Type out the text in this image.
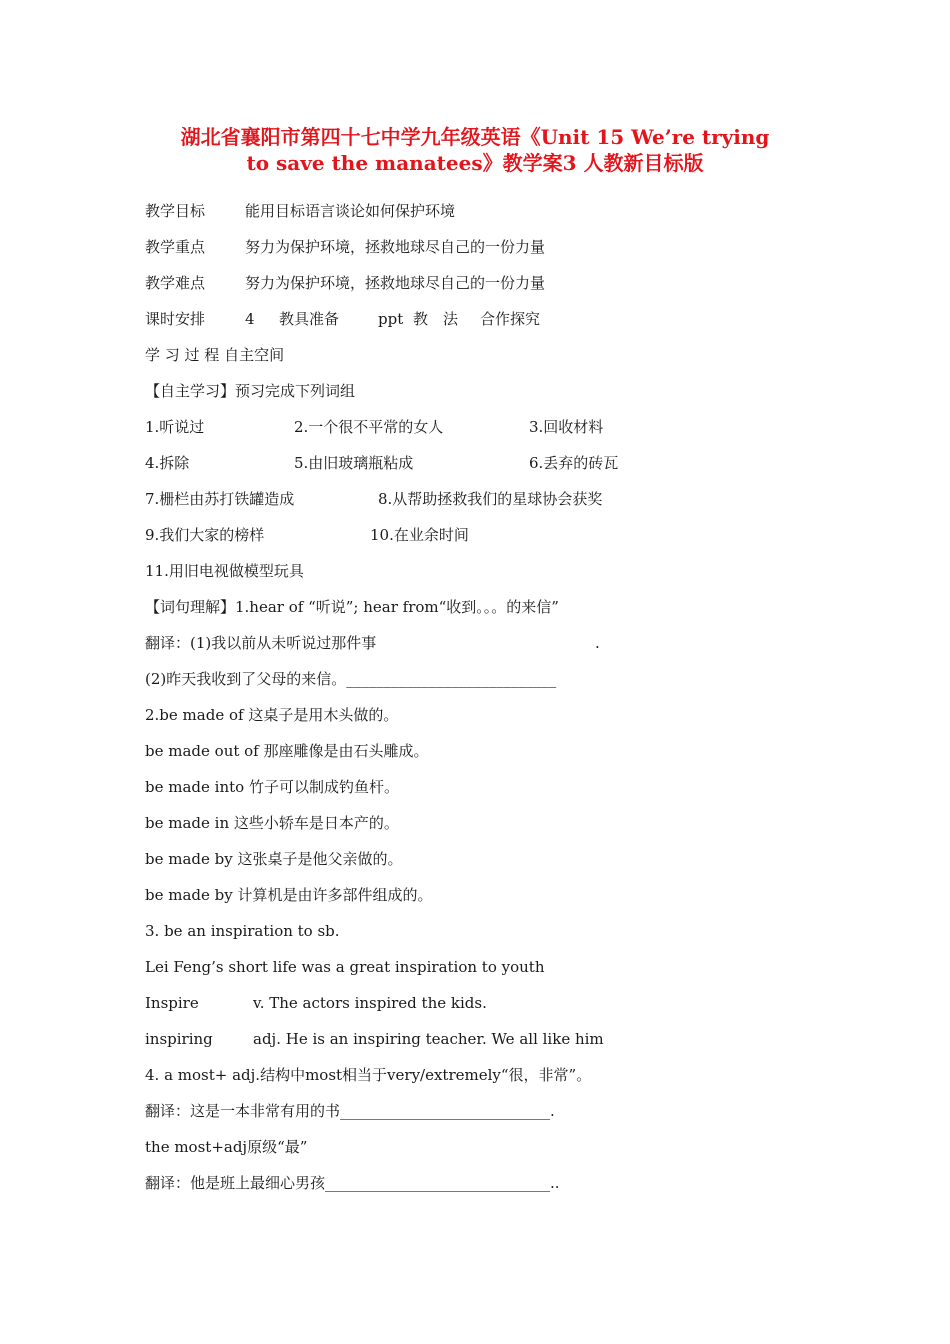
湖北省襄阳市第四十七中学九年级英语《Unit 15 We’re trying
to save the manatees》教学案3 人教新目标版
教学目标	能用目标语言谈论如何保护环境
教学重点	努力为保护环境，拯救地球尽自己的一份力量
教学难点	努力为保护环境，拯救地球尽自己的一份力量
课时安排	4 教具准备	ppt 教　法 合作探究
学 习 过 程 自主空间
【自主学习】预习完成下列词组
1.听说过	2.一个很不平常的女人	3.回收材料
4.拆除	5.由旧玻璃瓶粘成	6.丢弃的砖瓦
7.栅栏由苏打铁罐造成	8.从帮助拯救我们的星球协会获奖
9.我们大家的榜样	10.在业余时间
11.用旧电视做模型玩具
【词句理解】1.hear of “听说”; hear from“收到。。。的来信”
翻译：(1)我以前从未听说过那件事	.
(2)昨天我收到了父母的来信。____________________________
2.be made of 这桌子是用木头做的。
be made out of 那座雕像是由石头雕成。
be made into 竹子可以制成钓鱼杆。
be made in 这些小轿车是日本产的。
be made by 这张桌子是他父亲做的。
be made by 计算机是由许多部件组成的。
3. be an inspiration to sb.
Lei Feng’s short life was a great inspiration to youth
Inspire	v. The actors inspired the kids.
inspiring	adj. He is an inspiring teacher. We all like him
4. a most+ adj.结构中most相当于very/extremely“很，非常”。
翻译：这是一本非常有用的书____________________________.
the most+adj原级“最”
翻译：他是班上最细心男孩______________________________..
